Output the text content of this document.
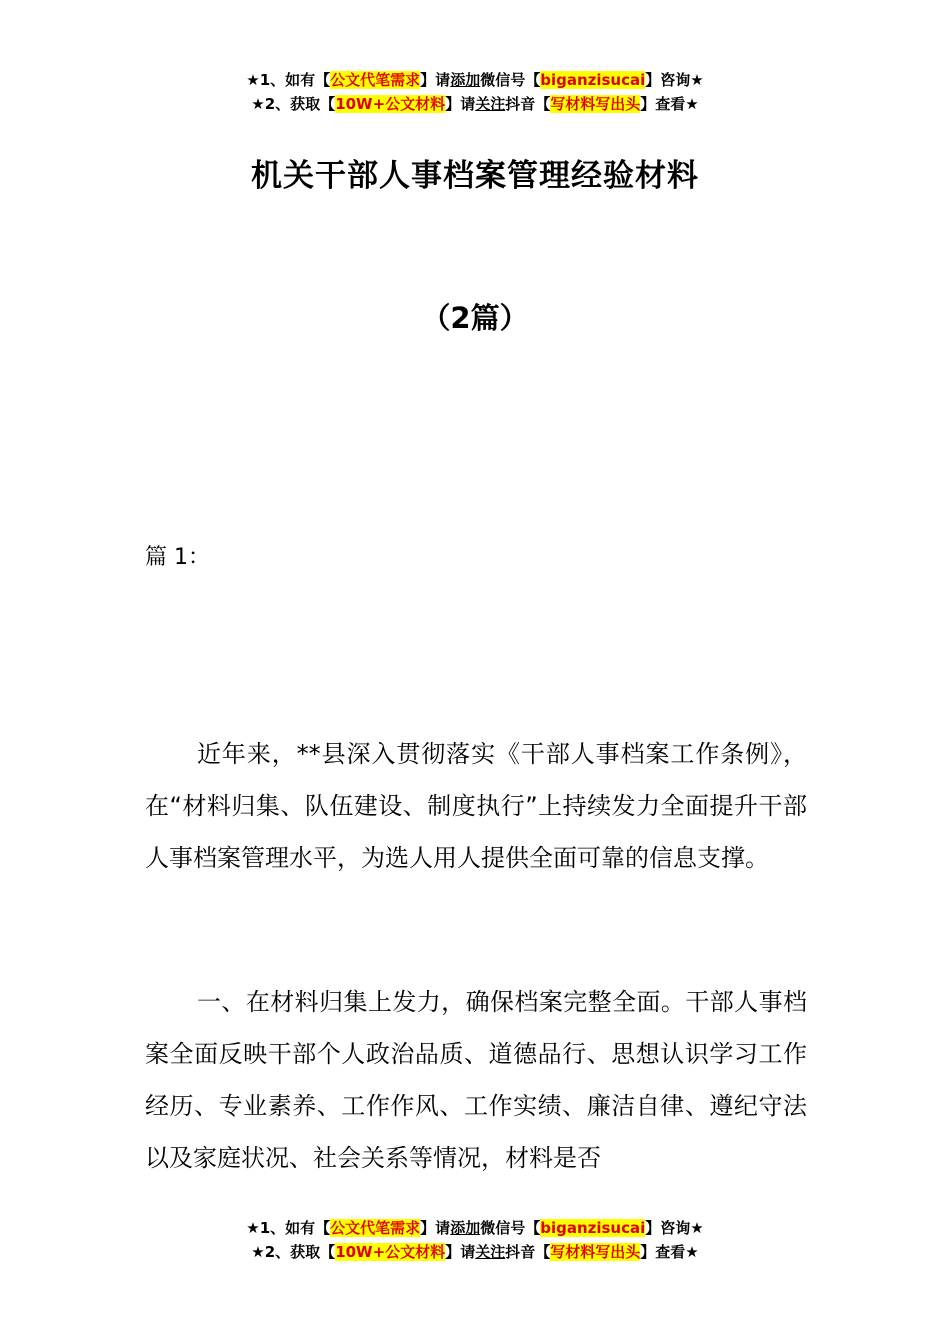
★1、如有【公文代笔需求】请添加微信号【biganzisucai】咨询★
★2、获取【10W+公文材料】请关注抖音【写材料写出头】查看★
机关干部人事档案管理经验材料
（2篇）
篇 1：

近年来，**县深入贯彻落实《干部人事档案工作条例》，在“材料归集、队伍建设、制度执行”上持续发力全面提升干部人事档案管理水平，为选人用人提供全面可靠的信息支撑。

一、在材料归集上发力，确保档案完整全面。干部人事档案全面反映干部个人政治品质、道德品行、思想认识学习工作经历、专业素养、工作作风、工作实绩、廉洁自律、遵纪守法以及家庭状况、社会关系等情况，材料是否

★1、如有【公文代笔需求】请添加微信号【biganzisucai】咨询★
★2、获取【10W+公文材料】请关注抖音【写材料写出头】查看★
